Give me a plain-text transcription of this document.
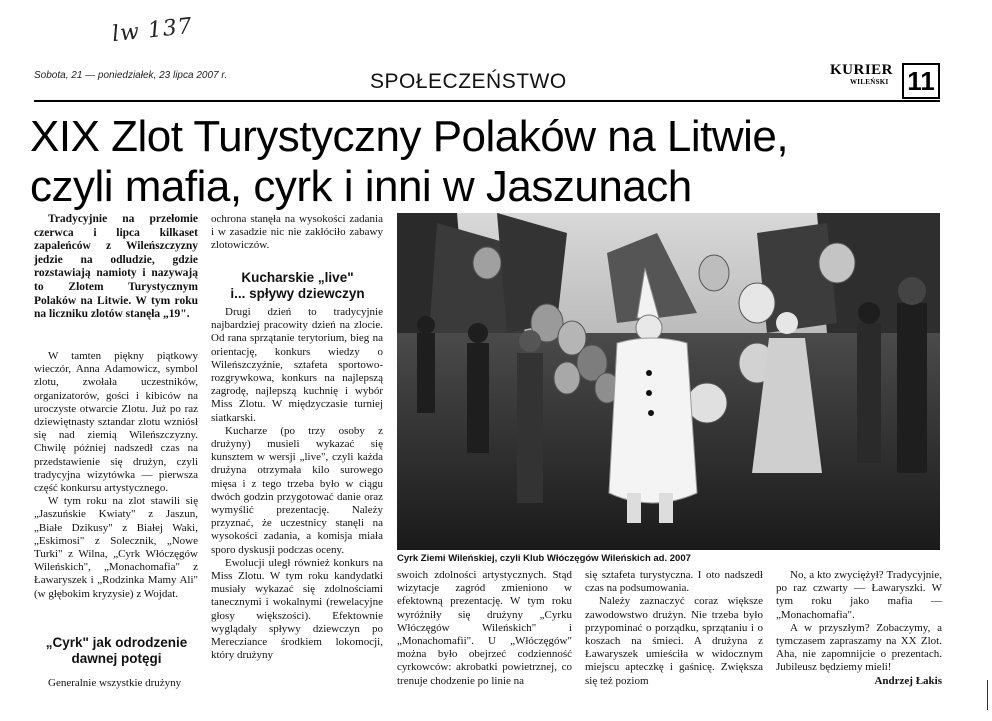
lw 137
Sobota, 21 — poniedziałek, 23 lipca 2007 r.	SPOŁECZEŃSTWO	KURIER
WILEŃSKI 11
XIX Zlot Turystyczny Polaków na Litwie,
czyli mafia, cyrk i inni w Jaszunach

Tradycyjnie na przełomie czerwca i lipca kilkaset zapaleńców z Wileńszczyzny jedzie na odludzie, gdzie rozstawiają namioty i nazywają to Zlotem Turystycznym Polaków na Litwie. W tym roku na liczniku zlotów stanęła „19".

W tamten piękny piątkowy wieczór, Anna Adamowicz, symbol zlotu, zwołała uczestników, organizatorów, gości i kibiców na uroczyste otwarcie Zlotu. Już po raz dziewiętnasty sztandar zlotu wzniósł się nad ziemią Wileńszczyzny. Chwilę później nadszedł czas na przedstawienie się drużyn, czyli tradycyjna wizytówka — pierwsza część konkursu artystycznego.

W tym roku na zlot stawili się „Jaszuńskie Kwiaty" z Jaszun, „Białe Dzikusy" z Białej Waki, „Eskimosi" z Solecznik, „Nowe Turki" z Wilna, „Cyrk Włóczęgów Wileńskich", „Monachomafia" z Ławaryszek i „Rodzinka Mamy Ali" (w głębokim kryzysie) z Wojdat.

„Cyrk" jak odrodzenie dawnej potęgi

Generalnie wszystkie drużyny

ochrona stanęła na wysokości zadania i w zasadzie nic nie zakłóciło zabawy zlotowiczów.

Kucharskie „live"
i... spływy dziewczyn

Drugi dzień to tradycyjnie najbardziej pracowity dzień na zlocie. Od rana sprzątanie terytorium, bieg na orientację, konkurs wiedzy o Wileńszczyźnie, sztafeta sportowo-rozgrywkowa, konkurs na najlepszą zagrodę, najlepszą kuchnię i wybór Miss Zlotu. W międzyczasie turniej siatkarski.

Kucharze (po trzy osoby z drużyny) musieli wykazać się kunsztem w wersji „live", czyli każda drużyna otrzymała kilo surowego mięsa i z tego trzeba było w ciągu dwóch godzin przygotować danie oraz wymyślić prezentację. Należy przyznać, że uczestnicy stanęli na wysokości zadania, a komisja miała sporo dyskusji podczas oceny.

Ewolucji uległ również konkurs na Miss Zlotu. W tym roku kandydatki musiały wykazać się zdolnościami tanecznymi i wokalnymi (rewelacyjne głosy większości). Efektownie wyglądały spływy dziewczyn po Merecziance środkiem lokomocji, który drużyny

Cyrk Ziemi Wileńskiej, czyli Klub Włóczęgów Wileńskich ad. 2007

swoich zdolności artystycznych. Stąd wizytacje zagród zmieniono w efektowną prezentację. W tym roku wyróżniły się drużyny „Cyrku Włóczęgów Wileńskich" i „Monachomafii". U „Włóczęgów" można było obejrzeć codzienność cyrkowców: akrobatki powietrznej, co trenuje chodzenie po linie na

się sztafeta turystyczna. I oto nadszedł czas na podsumowania.

Należy zaznaczyć coraz większe zawodowstwo drużyn. Nie trzeba było przypominać o porządku, sprzątaniu i o koszach na śmieci. A drużyna z Ławaryszek umieściła w widocznym miejscu apteczkę i gaśnicę. Zwiększa się też poziom

No, a kto zwyciężył? Tradycyjnie, po raz czwarty — Ławaryszki. W tym roku jako mafia — „Monachomafia".

A w przyszłym? Zobaczymy, a tymczasem zapraszamy na XX Zlot. Aha, nie zapomnijcie o prezentach. Jubileusz będziemy mieli!

Andrzej Łakis
